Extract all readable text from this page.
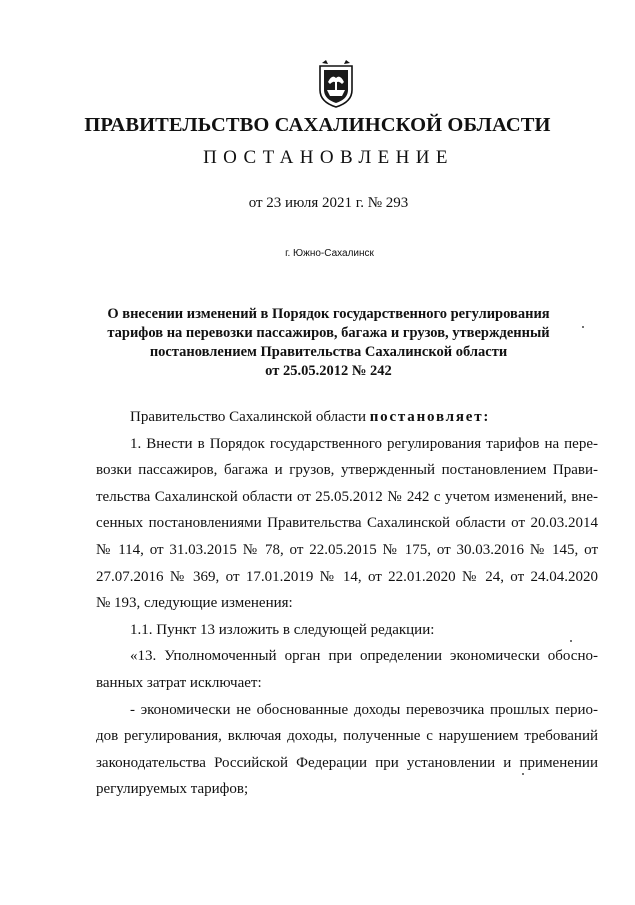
ПРАВИТЕЛЬСТВО САХАЛИНСКОЙ ОБЛАСТИ
ПОСТАНОВЛЕНИЕ
от 23 июля 2021 г. № 293
г. Южно-Сахалинск
О внесении изменений в Порядок государственного регулирования
тарифов на перевозки пассажиров, багажа и грузов, утвержденный
постановлением Правительства Сахалинской области
от 25.05.2012 № 242
Правительство Сахалинской области постановляет:
1. Внести в Порядок государственного регулирования тарифов на пере-
возки пассажиров, багажа и грузов, утвержденный постановлением Прави-
тельства Сахалинской области от 25.05.2012 № 242 с учетом изменений, вне-
сенных постановлениями Правительства Сахалинской области от 20.03.2014
№ 114, от 31.03.2015 № 78, от 22.05.2015 № 175, от 30.03.2016 № 145, от
27.07.2016 № 369, от 17.01.2019 № 14, от 22.01.2020 № 24, от 24.04.2020
№ 193, следующие изменения:
1.1. Пункт 13 изложить в следующей редакции:
«13. Уполномоченный орган при определении экономически обосно-
ванных затрат исключает:
- экономически не обоснованные доходы перевозчика прошлых перио-
дов регулирования, включая доходы, полученные с нарушением требований
законодательства Российской Федерации при установлении и применении
регулируемых тарифов;
